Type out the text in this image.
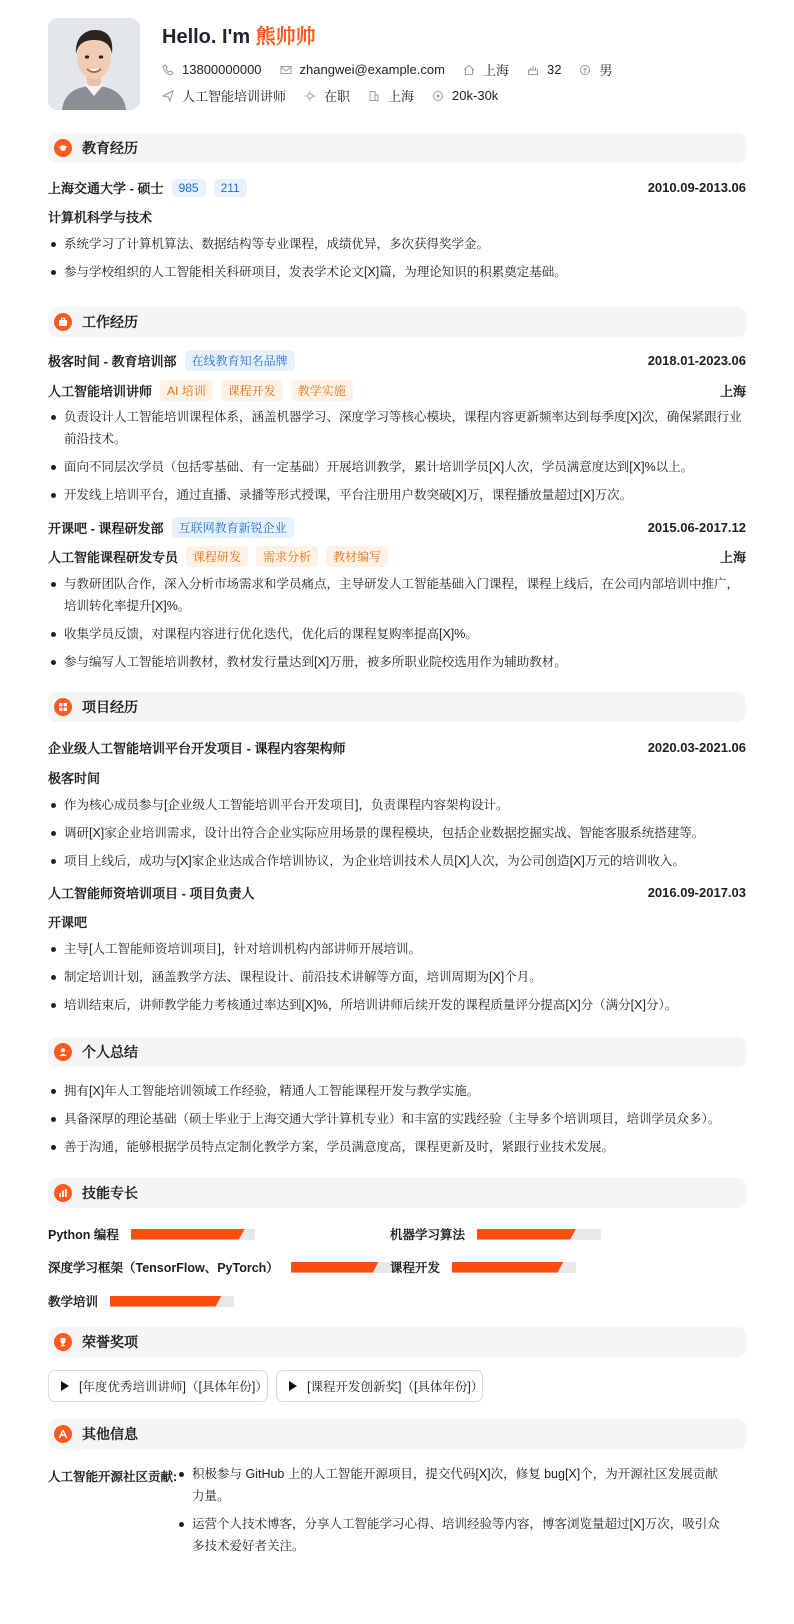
Hello. I'm 熊帅帅
13800000000	zhangwei@example.com	上海	32	男
人工智能培训讲师	在职	上海	20k-30k
教育经历
上海交通大学 - 硕士	985	211	2010.09-2013.06
计算机科学与技术
系统学习了计算机算法、数据结构等专业课程，成绩优异，多次获得奖学金。
参与学校组织的人工智能相关科研项目，发表学术论文[X]篇，为理论知识的积累奠定基础。
工作经历
极客时间 - 教育培训部	在线教育知名品牌	2018.01-2023.06
人工智能培训讲师	AI 培训	课程开发	教学实施	上海
负责设计人工智能培训课程体系，涵盖机器学习、深度学习等核心模块，课程内容更新频率达到每季度[X]次，确保紧跟行业前沿技术。
面向不同层次学员（包括零基础、有一定基础）开展培训教学，累计培训学员[X]人次，学员满意度达到[X]%以上。
开发线上培训平台，通过直播、录播等形式授课，平台注册用户数突破[X]万，课程播放量超过[X]万次。
开课吧 - 课程研发部	互联网教育新锐企业	2015.06-2017.12
人工智能课程研发专员	课程研发	需求分析	教材编写	上海
与教研团队合作，深入分析市场需求和学员痛点，主导研发人工智能基础入门课程，课程上线后，在公司内部培训中推广，培训转化率提升[X]%。
收集学员反馈，对课程内容进行优化迭代，优化后的课程复购率提高[X]%。
参与编写人工智能培训教材，教材发行量达到[X]万册，被多所职业院校选用作为辅助教材。
项目经历
企业级人工智能培训平台开发项目 - 课程内容架构师	2020.03-2021.06
极客时间
作为核心成员参与[企业级人工智能培训平台开发项目]，负责课程内容架构设计。
调研[X]家企业培训需求，设计出符合企业实际应用场景的课程模块，包括企业数据挖掘实战、智能客服系统搭建等。
项目上线后，成功与[X]家企业达成合作培训协议，为企业培训技术人员[X]人次，为公司创造[X]万元的培训收入。
人工智能师资培训项目 - 项目负责人	2016.09-2017.03
开课吧
主导[人工智能师资培训项目]，针对培训机构内部讲师开展培训。
制定培训计划，涵盖教学方法、课程设计、前沿技术讲解等方面，培训周期为[X]个月。
培训结束后，讲师教学能力考核通过率达到[X]%，所培训讲师后续开发的课程质量评分提高[X]分（满分[X]分）。
个人总结
拥有[X]年人工智能培训领域工作经验，精通人工智能课程开发与教学实施。
具备深厚的理论基础（硕士毕业于上海交通大学计算机专业）和丰富的实践经验（主导多个培训项目，培训学员众多）。
善于沟通，能够根据学员特点定制化教学方案，学员满意度高，课程更新及时，紧跟行业技术发展。
技能专长
Python 编程	机器学习算法
深度学习框架（TensorFlow、PyTorch）	课程开发
教学培训
荣誉奖项
[年度优秀培训讲师]（[具体年份]）	[课程开发创新奖]（[具体年份]）
其他信息
人工智能开源社区贡献:	积极参与 GitHub 上的人工智能开源项目，提交代码[X]次，修复 bug[X]个，为开源社区发展贡献力量。
运营个人技术博客，分享人工智能学习心得、培训经验等内容，博客浏览量超过[X]万次，吸引众多技术爱好者关注。
